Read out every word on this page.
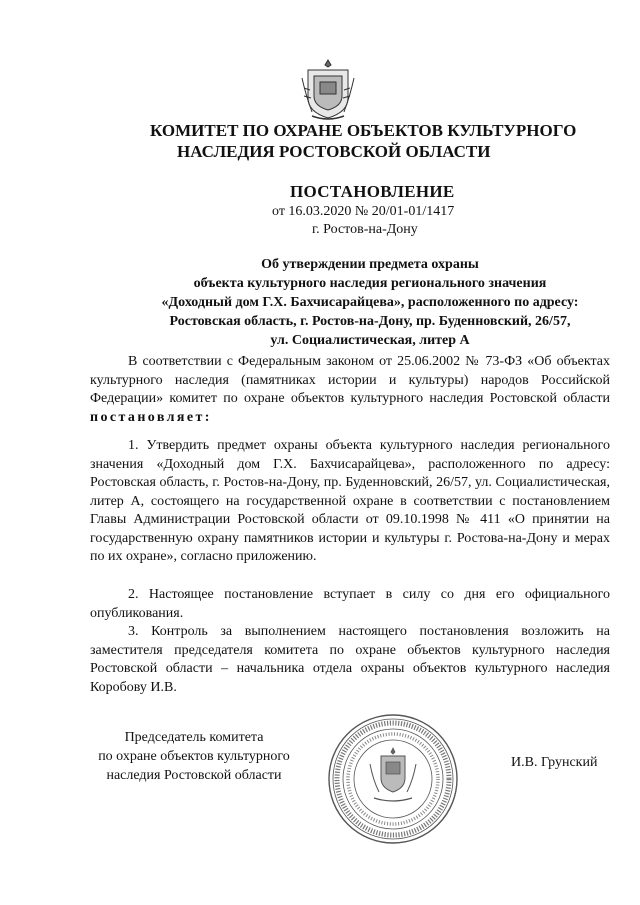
КОМИТЕТ ПО ОХРАНЕ ОБЪЕКТОВ КУЛЬТУРНОГО
НАСЛЕДИЯ РОСТОВСКОЙ ОБЛАСТИ
ПОСТАНОВЛЕНИЕ
от 16.03.2020 № 20/01-01/1417
г. Ростов-на-Дону
Об утверждении предмета охраны
объекта культурного наследия регионального значения
«Доходный дом Г.Х. Бахчисарайцева», расположенного по адресу:
Ростовская область, г. Ростов-на-Дону, пр. Буденновский, 26/57,
ул. Социалистическая, литер А
В соответствии с Федеральным законом от 25.06.2002 № 73-ФЗ «Об объектах культурного наследия (памятниках истории и культуры) народов Российской Федерации» комитет по охране объектов культурного наследия Ростовской области постановляет:
1. Утвердить предмет охраны объекта культурного наследия регионального значения «Доходный дом Г.Х. Бахчисарайцева», расположенного по адресу: Ростовская область, г. Ростов-на-Дону, пр. Буденновский, 26/57, ул. Социалистическая, литер А, состоящего на государственной охране в соответствии с постановлением Главы Администрации Ростовской области от 09.10.1998 № 411 «О принятии на государственную охрану памятников истории и культуры г. Ростова-на-Дону и мерах по их охране», согласно приложению.
2. Настоящее постановление вступает в силу со дня его официального опубликования.
3. Контроль за выполнением настоящего постановления возложить на заместителя председателя комитета по охране объектов культурного наследия Ростовской области – начальника отдела охраны объектов культурного наследия Коробову И.В.
Председатель комитета
по охране объектов культурного
наследия Ростовской области
И.В. Грунский
